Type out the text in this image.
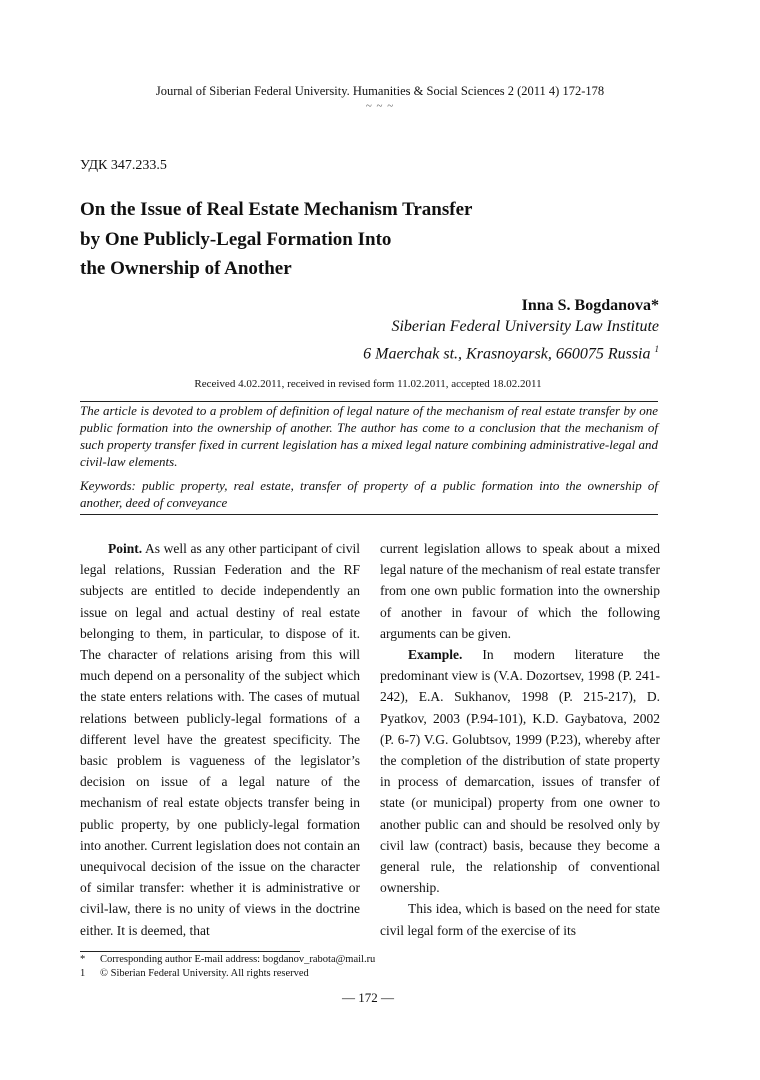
Journal of Siberian Federal University. Humanities & Social Sciences 2 (2011 4) 172-178
~ ~ ~
УДК 347.233.5
On the Issue of Real Estate Mechanism Transfer
by One Publicly-Legal Formation Into
the Ownership of Another
Inna S. Bogdanova*
Siberian Federal University Law Institute
6 Maerchak st., Krasnoyarsk, 660075 Russia $^1$
Received 4.02.2011, received in revised form 11.02.2011, accepted 18.02.2011
The article is devoted to a problem of definition of legal nature of the mechanism of real estate transfer by one public formation into the ownership of another. The author has come to a conclusion that the mechanism of such property transfer fixed in current legislation has a mixed legal nature combining administrative-legal and civil-law elements.
Keywords: public property, real estate, transfer of property of a public formation into the ownership of another, deed of conveyance

Point. As well as any other participant of civil legal relations, Russian Federation and the RF subjects are entitled to decide independently an issue on legal and actual destiny of real estate belonging to them, in particular, to dispose of it. The character of relations arising from this will much depend on a personality of the subject which the state enters relations with. The cases of mutual relations between publicly-legal formations of a different level have the greatest specificity. The basic problem is vagueness of the legislator’s decision on issue of a legal nature of the mechanism of real estate objects transfer being in public property, by one publicly-legal formation into another. Current legislation does not contain an unequivocal decision of the issue on the character of similar transfer: whether it is administrative or civil-law, there is no unity of views in the doctrine either. It is deemed, that

current legislation allows to speak about a mixed legal nature of the mechanism of real estate transfer from one own public formation into the ownership of another in favour of which the following arguments can be given.

Example. In modern literature the predominant view is (V.A. Dozortsev, 1998 (P. 241-242), E.A. Sukhanov, 1998 (P. 215-217), D. Pyatkov, 2003 (P.94-101), K.D. Gaybatova, 2002 (P. 6-7) V.G. Golubtsov, 1999 (P.23), whereby after the completion of the distribution of state property in process of demarcation, issues of transfer of state (or municipal) property from one owner to another public can and should be resolved only by civil law (contract) basis, because they become a general rule, the relationship of conventional ownership.

This idea, which is based on the need for state civil legal form of the exercise of its

* Corresponding author E-mail address: bogdanov_rabota@mail.ru
1 © Siberian Federal University. All rights reserved
— 172 —
